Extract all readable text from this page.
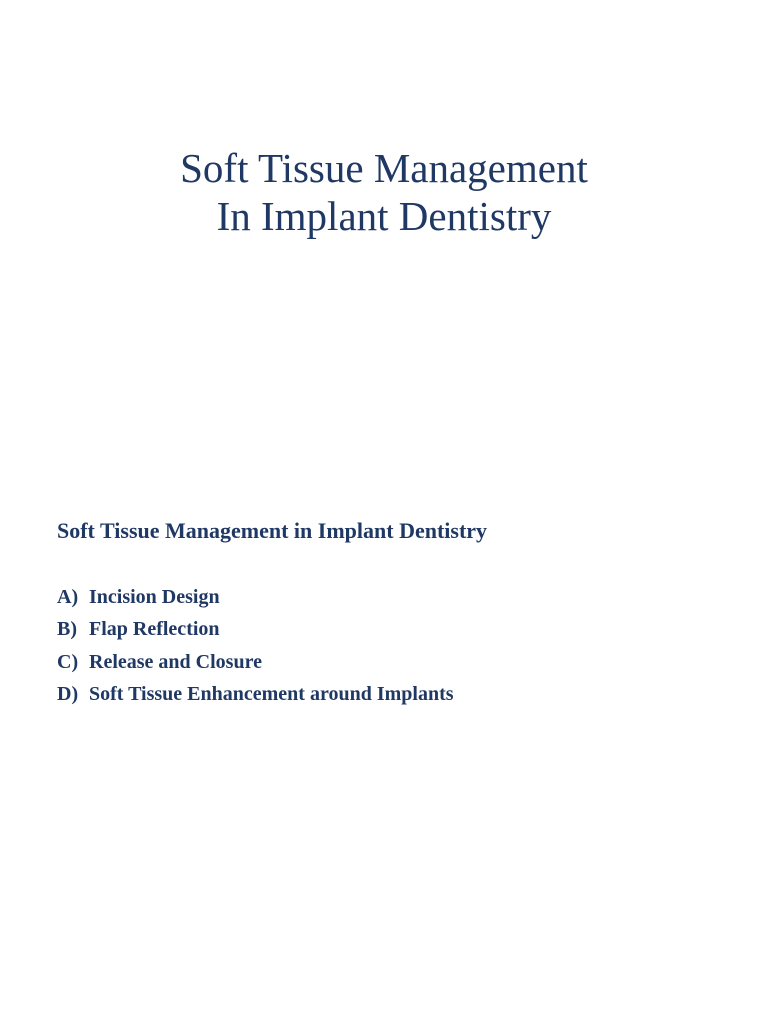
Soft Tissue Management
In Implant Dentistry
Soft Tissue Management in Implant Dentistry
A) Incision Design
B) Flap Reflection
C) Release and Closure
D) Soft Tissue Enhancement around Implants
